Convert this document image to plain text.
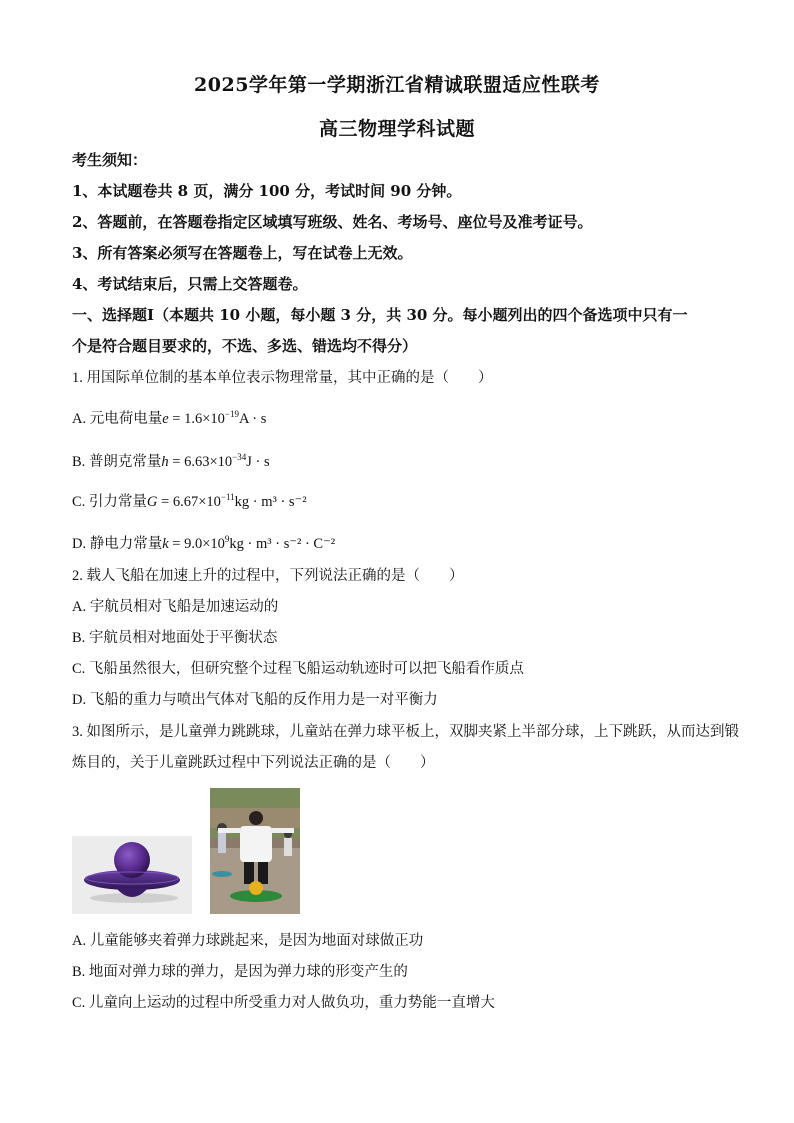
2025学年第一学期浙江省精诚联盟适应性联考
高三物理学科试题
考生须知：
1、本试题卷共 8 页，满分 100 分，考试时间 90 分钟。
2、答题前，在答题卷指定区域填写班级、姓名、考场号、座位号及准考证号。
3、所有答案必须写在答题卷上，写在试卷上无效。
4、考试结束后，只需上交答题卷。
一、选择题Ⅰ（本题共 10 小题，每小题 3 分，共 30 分。每小题列出的四个备选项中只有一
个是符合题目要求的，不选、多选、错选均不得分）
1. 用国际单位制的基本单位表示物理常量，其中正确的是（　　）
A. 元电荷电量$e = 1.6\times 10^{-19}A \cdot s$
B. 普朗克常量$h = 6.63\times 10^{-34}J \cdot s$
C. 引力常量$G = 6.67\times 10^{-11}kg \cdot m^3 \cdot s^{-2}$
D. 静电力常量$k = 9.0\times 10^9kg \cdot m^3 \cdot s^{-2} \cdot C^{-2}$
2. 载人飞船在加速上升的过程中，下列说法正确的是（　　）
A. 宇航员相对飞船是加速运动的
B. 宇航员相对地面处于平衡状态
C. 飞船虽然很大，但研究整个过程飞船运动轨迹时可以把飞船看作质点
D. 飞船的重力与喷出气体对飞船的反作用力是一对平衡力
3. 如图所示，是儿童弹力跳跳球，儿童站在弹力球平板上，双脚夹紧上半部分球，上下跳跃，从而达到锻
炼目的，关于儿童跳跃过程中下列说法正确的是（　　）
A. 儿童能够夹着弹力球跳起来，是因为地面对球做正功
B. 地面对弹力球的弹力，是因为弹力球的形变产生的
C. 儿童向上运动的过程中所受重力对人做负功，重力势能一直增大
